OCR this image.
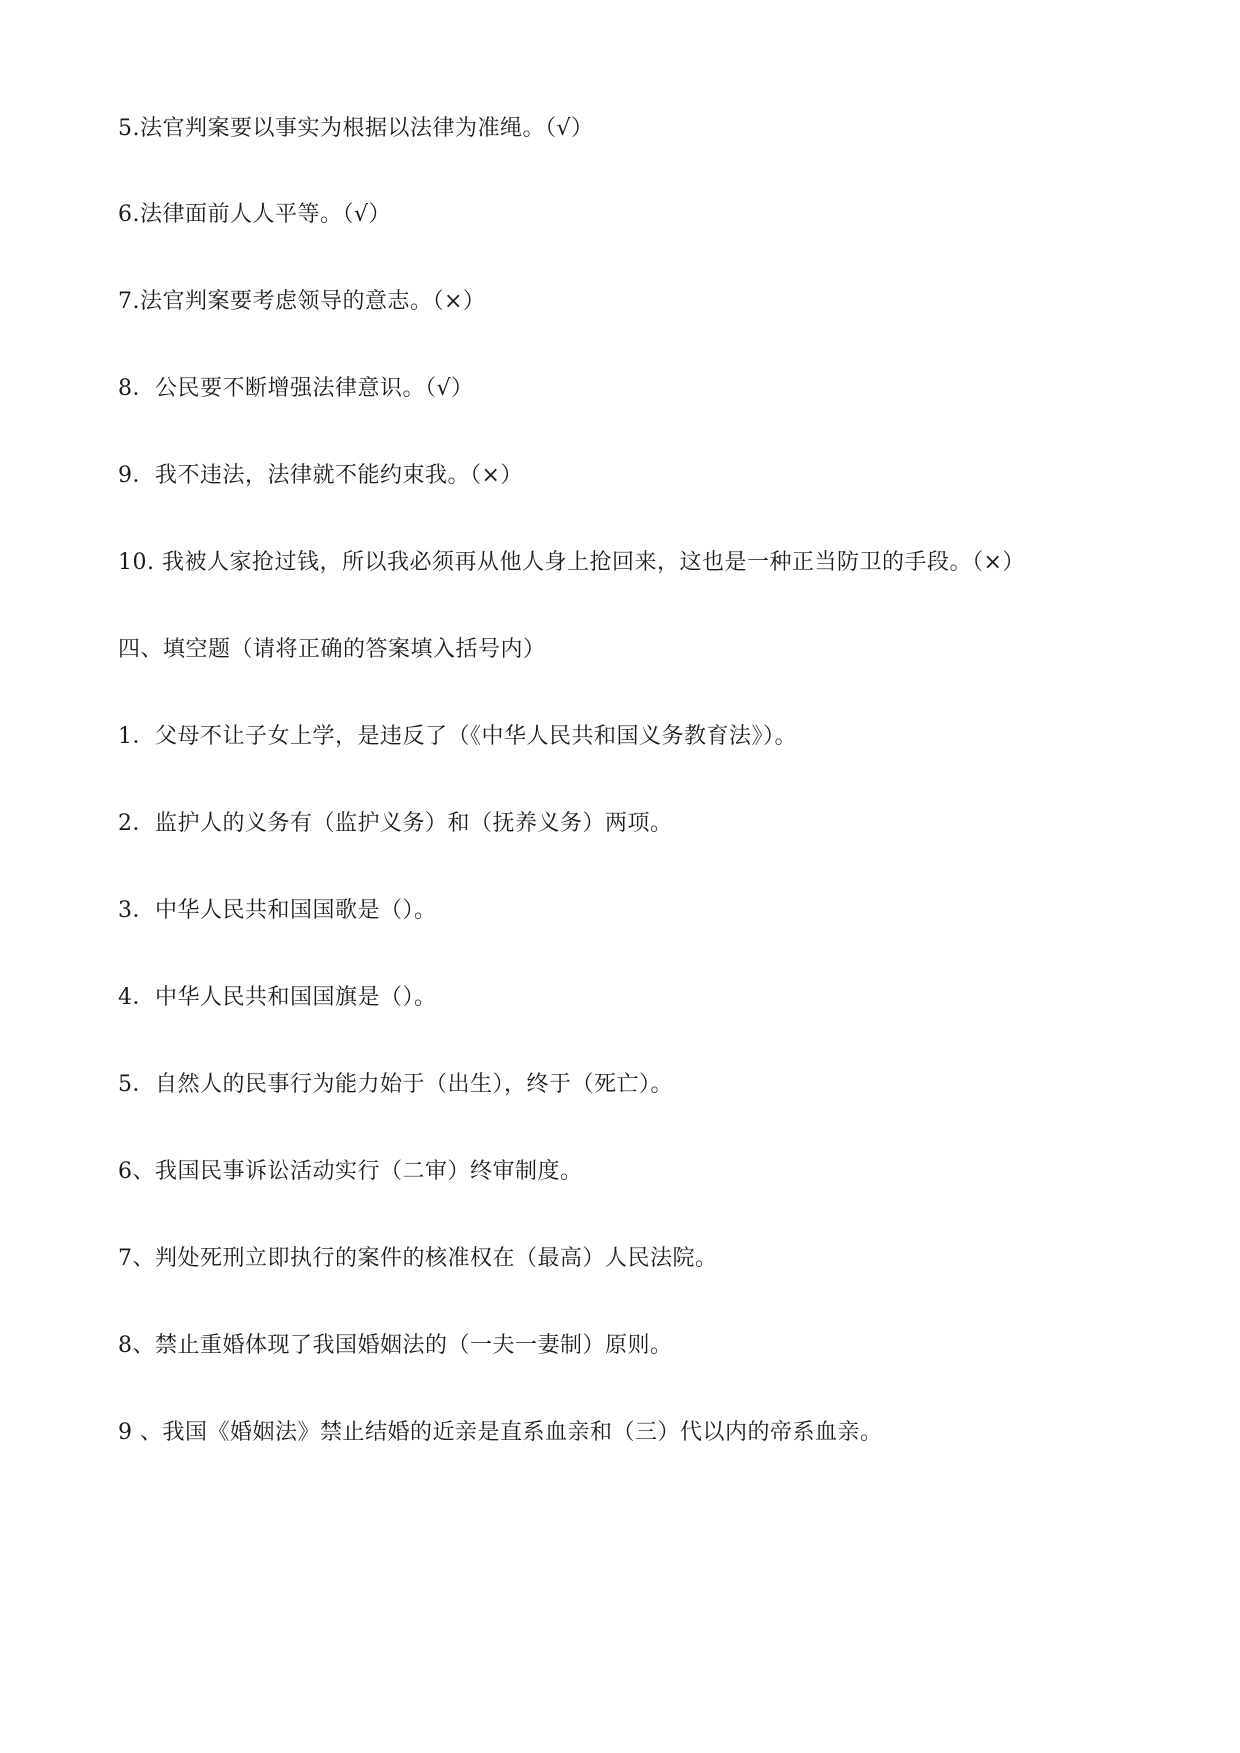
5.法官判案要以事实为根据以法律为准绳。（√）
6.法律面前人人平等。（√）
7.法官判案要考虑领导的意志。（×）
8．公民要不断增强法律意识。（√）
9．我不违法，法律就不能约束我。（×）
10. 我被人家抢过钱，所以我必须再从他人身上抢回来，这也是一种正当防卫的手段。（×）
四、填空题（请将正确的答案填入括号内）
1．父母不让子女上学，是违反了（《中华人民共和国义务教育法》）。
2．监护人的义务有（监护义务）和（抚养义务）两项。
3．中华人民共和国国歌是（）。
4．中华人民共和国国旗是（）。
5．自然人的民事行为能力始于（出生），终于（死亡）。
6、我国民事诉讼活动实行（二审）终审制度。
7、判处死刑立即执行的案件的核准权在（最高）人民法院。
8、禁止重婚体现了我国婚姻法的（一夫一妻制）原则。
9 、我国《婚姻法》禁止结婚的近亲是直系血亲和（三）代以内的帝系血亲。
